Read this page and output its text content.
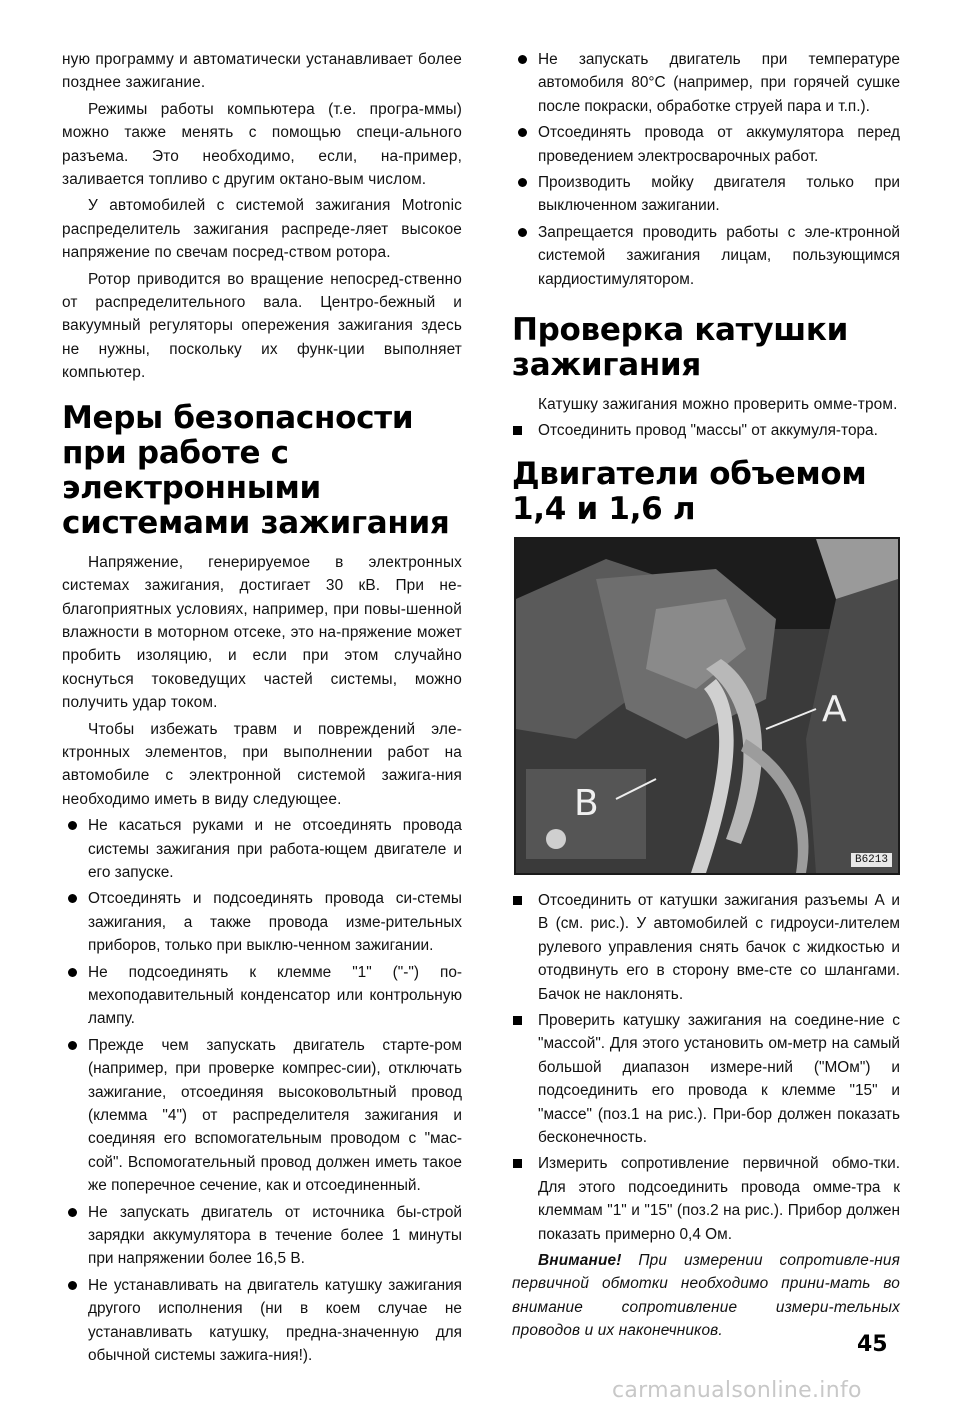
ную программу и автоматически устанавливает более позднее зажигание.

Режимы работы компьютера (т.е. програ-ммы) можно также менять с помощью специ-ального разъема. Это необходимо, если, на-пример, заливается топливо с другим октано-вым числом.

У автомобилей с системой зажигания Motronic распределитель зажигания распреде-ляет высокое напряжение по свечам посред-ством ротора.

Ротор приводится во вращение непосред-ственно от распределительного вала. Центро-бежный и вакуумный регуляторы опережения зажигания здесь не нужны, поскольку их функ-ции выполняет компьютер.

Меры безопасности при работе с электронными системами зажигания

Напряжение, генерируемое в электронных системах зажигания, достигает 30 кВ. При не-благоприятных условиях, например, при повы-шенной влажности в моторном отсеке, это на-пряжение может пробить изоляцию, и если при этом случайно коснуться токоведущих частей системы, можно получить удар током.

Чтобы избежать травм и повреждений эле-ктронных элементов, при выполнении работ на автомобиле с электронной системой зажига-ния необходимо иметь в виду следующее.

Не касаться руками и не отсоединять провода системы зажигания при работа-ющем двигателе и его запуске.
Отсоединять и подсоединять провода си-стемы зажигания, а также провода изме-рительных приборов, только при выклю-ченном зажигании.
Не подсоединять к клемме "1" ("-") по-мехоподавительный конденсатор или контрольную лампу.
Прежде чем запускать двигатель старте-ром (например, при проверке компрес-сии), отключать зажигание, отсоединяя высоковольтный провод (клемма "4") от распределителя зажигания и соединяя его вспомогательным проводом с "мас-сой". Вспомогательный провод должен иметь такое же поперечное сечение, как и отсоединенный.
Не запускать двигатель от источника бы-строй зарядки аккумулятора в течение более 1 минуты при напряжении более 16,5 В.
Не устанавливать на двигатель катушку зажигания другого исполнения (ни в коем случае не устанавливать катушку, предна-значенную для обычной системы зажига-ния!).
Не запускать двигатель при температуре автомобиля 80°С (например, при горячей сушке после покраски, обработке струей пара и т.п.).
Отсоединять провода от аккумулятора перед проведением электросварочных работ.
Производить мойку двигателя только при выключенном зажигании.
Запрещается проводить работы с эле-ктронной системой зажигания лицам, пользующимся кардиостимулятором.
Проверка катушки зажигания

Катушку зажигания можно проверить омме-тром.

Отсоединить провод "массы" от аккумуля-тора.
Двигатели объемом 1,4 и 1,6 л
A
B
B6213
Отсоединить от катушки зажигания разъемы А и В (см. рис.). У автомобилей с гидроуси-лителем рулевого управления снять бачок с жидкостью и отодвинуть его в сторону вме-сте со шлангами. Бачок не наклонять.
Проверить катушку зажигания на соедине-ние с "массой". Для этого установить ом-метр на самый большой диапазон измере-ний ("МОм") и подсоединить его провода к клемме "15" и "массе" (поз.1 на рис.). При-бор должен показать бесконечность.
Измерить сопротивление первичной обмо-тки. Для этого подсоединить провода омме-тра к клеммам "1" и "15" (поз.2 на рис.). Прибор должен показать примерно 0,4 Ом.

Внимание! При измерении сопротивле-ния первичной обмотки необходимо прини-мать во внимание сопротивление измери-тельных проводов и их наконечников.

45
carmanualsonline.info
